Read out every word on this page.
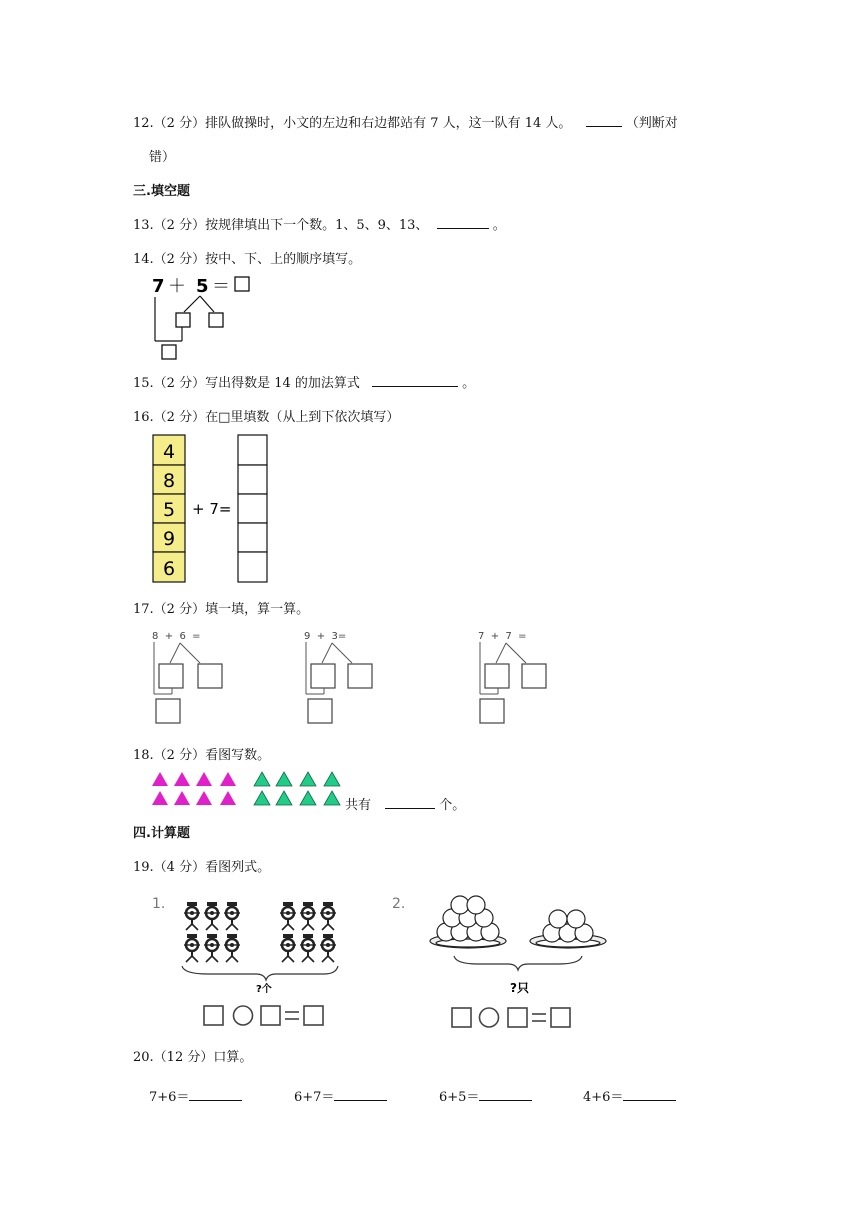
12.（2 分）排队做操时，小文的左边和右边都站有 7 人，这一队有 14 人。	（判断对
错）
三.填空题
13.（2 分）按规律填出下一个数。1、5、9、13、	。
14.（2 分）按中、下、上的顺序填写。
7 ＋ 5 ＝
15.（2 分）写出得数是 14 的加法算式	。
16.（2 分）在□里填数（从上到下依次填写）
4
8
5
9
6
+ 7=
17.（2 分）填一填，算一算。
8  +  6  =	9  +  3=	7  +  7  =
18.（2 分）看图写数。
共有	个。
四.计算题
19.（4 分）看图列式。
1.
?个
2.
?只
20.（12 分）口算。
7+6＝	6+7＝	6+5＝	4+6＝
